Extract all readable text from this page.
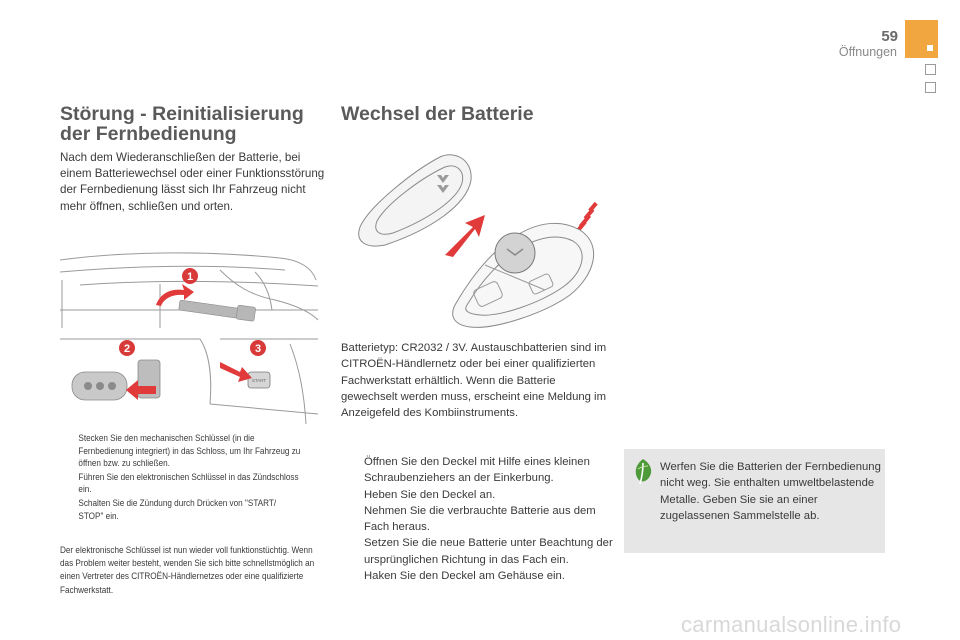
59
Öffnungen
Störung - Reinitialisierung der Fernbedienung

Nach dem Wiederanschließen der Batterie, bei einem Batteriewechsel oder einer Funktionsstörung der Fernbedienung lässt sich Ihr Fahrzeug nicht mehr öffnen, schließen und orten.

1
2
START
3
Stecken Sie den mechanischen Schlüssel (in die Fernbedienung integriert) in das Schloss, um Ihr Fahrzeug zu öffnen bzw. zu schließen.
Führen Sie den elektronischen Schlüssel in das Zündschloss ein.
Schalten Sie die Zündung durch Drücken von "START/ STOP" ein.
Der elektronische Schlüssel ist nun wieder voll funktionstüchtig. Wenn das Problem weiter besteht, wenden Sie sich bitte schnellstmöglich an einen Vertreter des CITROËN-Händlernetzes oder eine qualifizierte Fachwerkstatt.
Wechsel der Batterie
Batterietyp: CR2032 / 3V. Austauschbatterien sind im CITROËN-Händlernetz oder bei einer qualifizierten Fachwerkstatt erhältlich. Wenn die Batterie gewechselt werden muss, erscheint eine Meldung im Anzeigefeld des Kombiinstruments.
Öffnen Sie den Deckel mit Hilfe eines kleinen Schraubenziehers an der Einkerbung.
Heben Sie den Deckel an.
Nehmen Sie die verbrauchte Batterie aus dem Fach heraus.
Setzen Sie die neue Batterie unter Beachtung der ursprünglichen Richtung in das Fach ein.
Haken Sie den Deckel am Gehäuse ein.
Werfen Sie die Batterien der Fernbedienung nicht weg. Sie enthalten umweltbelastende Metalle. Geben Sie sie an einer zugelassenen Sammelstelle ab.
carmanualsonline.info
